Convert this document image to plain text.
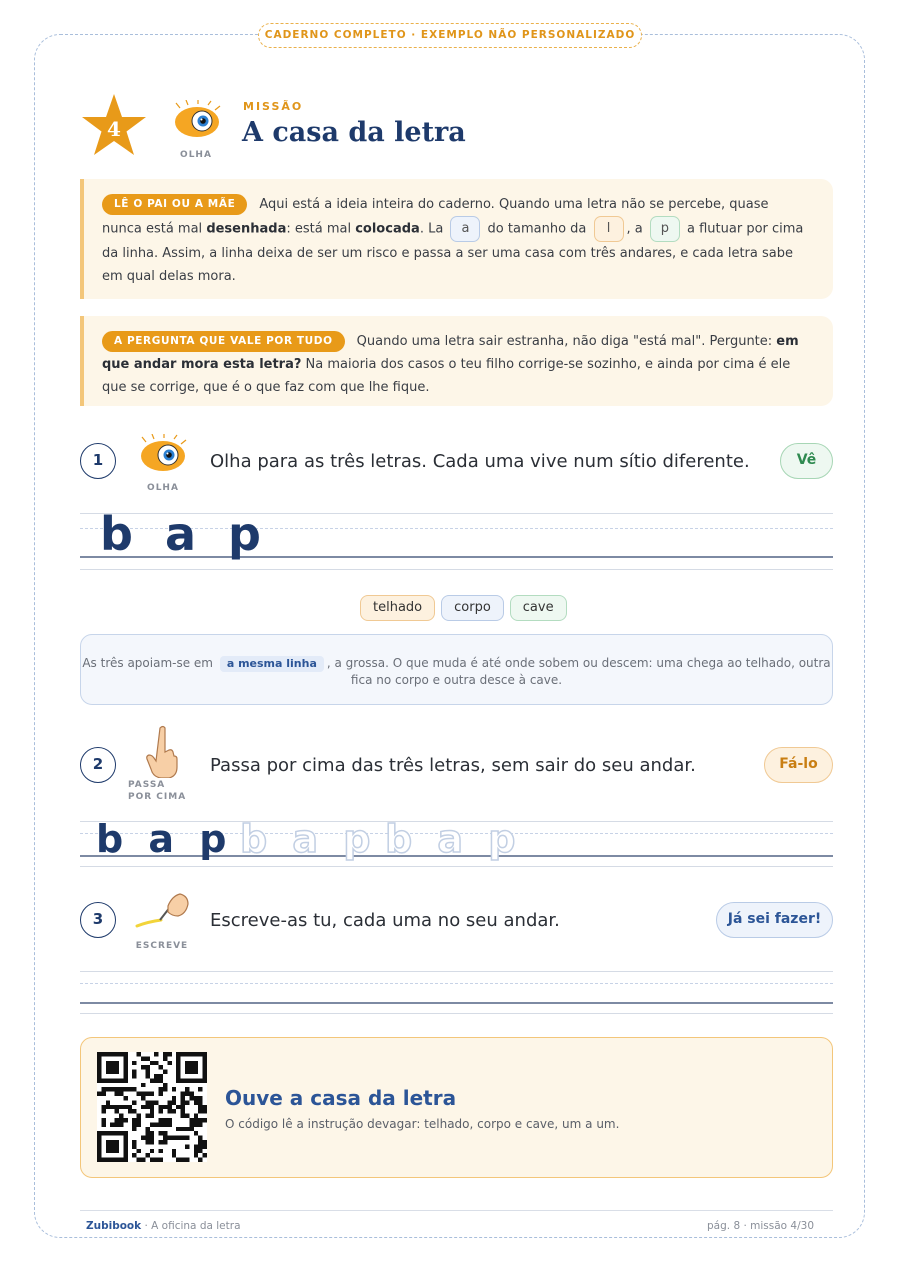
CADERNO COMPLETO · EXEMPLO NÃO PERSONALIZADO
4
OLHA
MISSÃO
A casa da letra
LÊ O PAI OU A MÃE Aqui está a ideia inteira do caderno. Quando uma letra não se percebe, quase nunca está mal desenhada: está mal colocada. La a do tamanho da l , a p a flutuar por cima da linha. Assim, a linha deixa de ser um risco e passa a ser uma casa com três andares, e cada letra sabe em qual delas mora.
A PERGUNTA QUE VALE POR TUDO Quando uma letra sair estranha, não diga "está mal". Pergunte: em que andar mora esta letra? Na maioria dos casos o teu filho corrige-se sozinho, e ainda por cima é ele que se corrige, que é o que faz com que lhe fique.
1
OLHA
Olha para as três letras. Cada uma vive num sítio diferente.	Vê
b a p
telhado	corpo	cave
As três apoiam-se em a mesma linha , a grossa. O que muda é até onde sobem ou descem: uma chega ao telhado, outra fica no corpo e outra desce à cave.
2
PASSA
POR CIMA
Passa por cima das três letras, sem sair do seu andar.	Fá-lo
b a p b a p b a p
3
ESCREVE
Escreve-as tu, cada uma no seu andar.	Já sei fazer!
Ouve a casa da letra
O código lê a instrução devagar: telhado, corpo e cave, um a um.
Zubibook · A oficina da letra	pág. 8 · missão 4/30
